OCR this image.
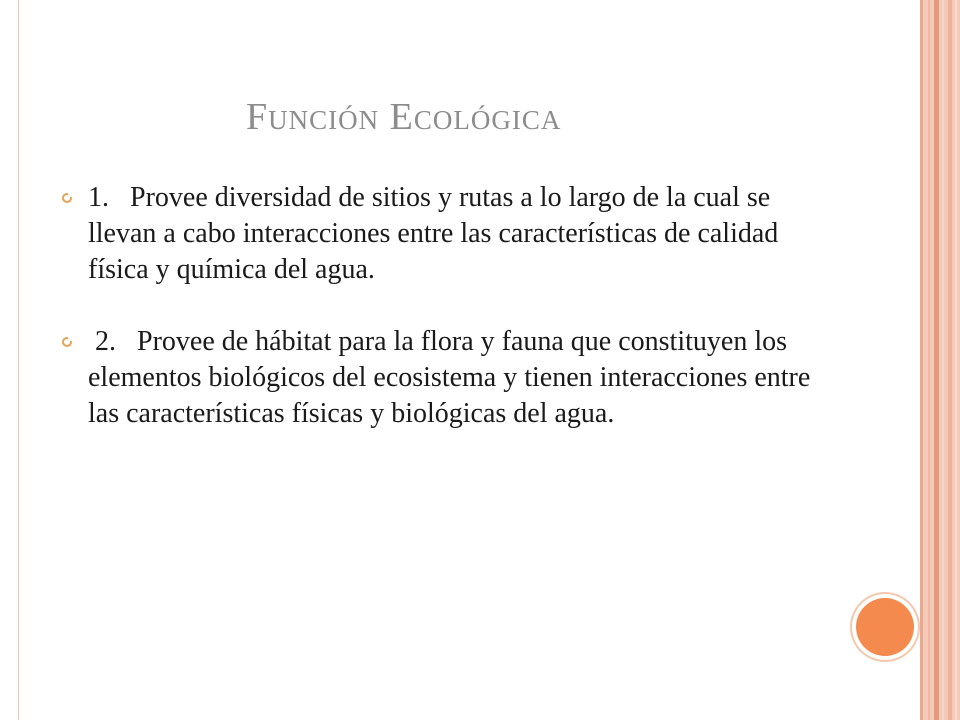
Función Ecológica
1.   Provee diversidad de sitios y rutas a lo largo de la cual se llevan a cabo interacciones entre las características de calidad física y química del agua.
2.   Provee de hábitat para la flora y fauna que constituyen los elementos biológicos del ecosistema y tienen interacciones entre las características físicas y biológicas del agua.
